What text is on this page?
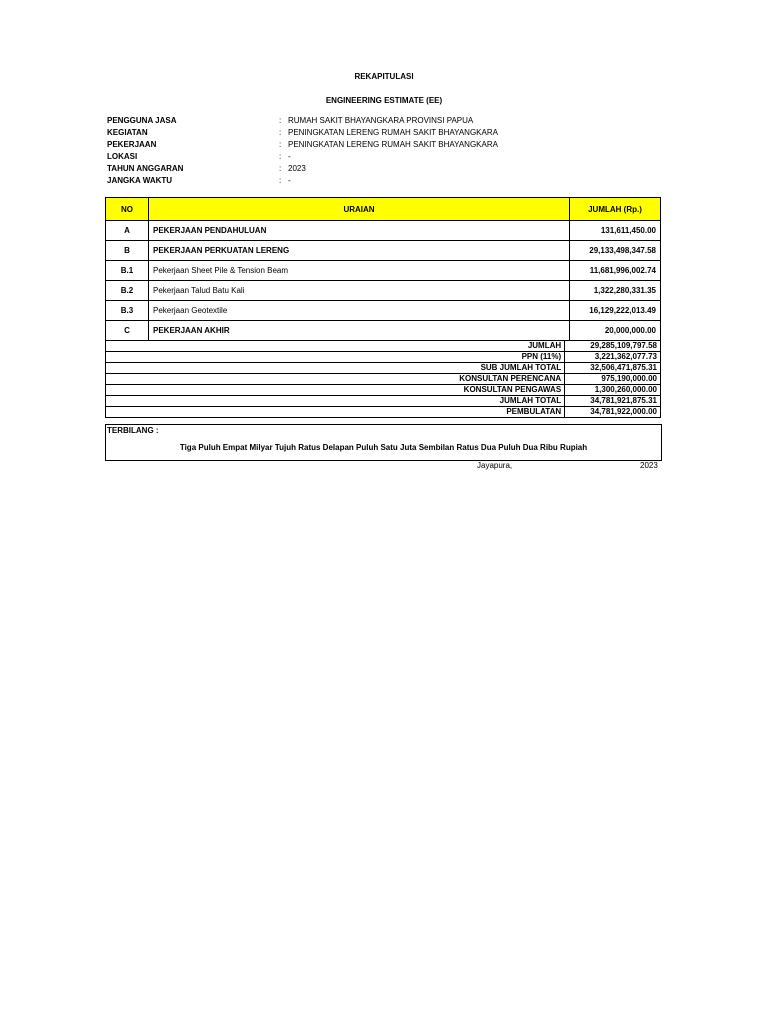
REKAPITULASI
ENGINEERING ESTIMATE (EE)
PENGGUNA JASA	: RUMAH SAKIT BHAYANGKARA PROVINSI PAPUA
KEGIATAN	: PENINGKATAN LERENG RUMAH SAKIT BHAYANGKARA
PEKERJAAN	: PENINGKATAN LERENG RUMAH SAKIT BHAYANGKARA
LOKASI	: -
TAHUN ANGGARAN	: 2023
JANGKA WAKTU	: -
NO	URAIAN	JUMLAH (Rp.)
A	PEKERJAAN PENDAHULUAN	131,611,450.00
B	PEKERJAAN PERKUATAN LERENG	29,133,498,347.58
B.1	Pekerjaan Sheet Pile & Tension Beam	11,681,996,002.74
B.2	Pekerjaan Talud Batu Kali	1,322,280,331.35
B.3	Pekerjaan Geotextile	16,129,222,013.49
C	PEKERJAAN AKHIR	20,000,000.00
JUMLAH	29,285,109,797.58
PPN (11%)	3,221,362,077.73
SUB JUMLAH TOTAL	32,506,471,875.31
KONSULTAN PERENCANA	975,190,000.00
KONSULTAN PENGAWAS	1,300,260,000.00
JUMLAH TOTAL	34,781,921,875.31
PEMBULATAN	34,781,922,000.00
TERBILANG :
Tiga Puluh Empat Milyar Tujuh Ratus Delapan Puluh Satu Juta Sembilan Ratus Dua Puluh Dua Ribu Rupiah
Jayapura,	2023
